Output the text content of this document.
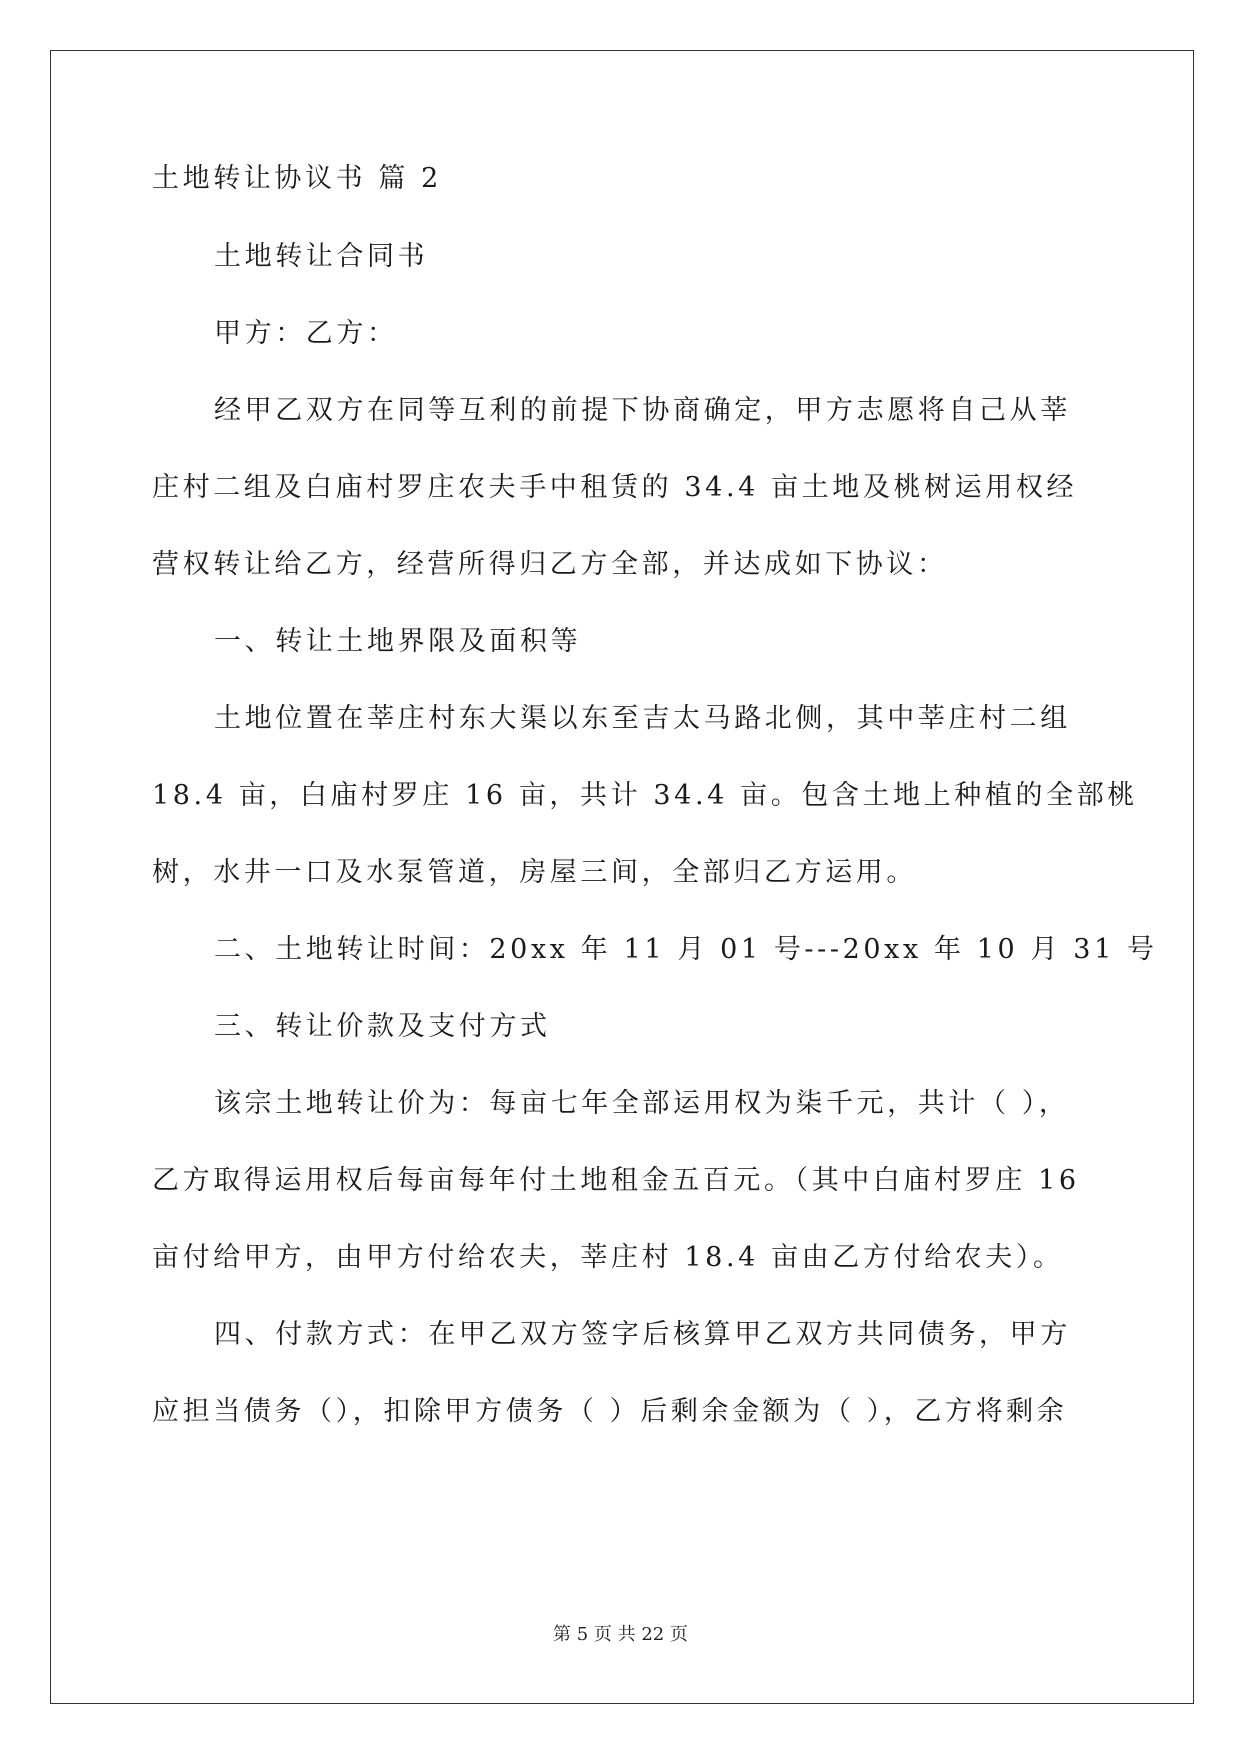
土地转让协议书 篇 2

土地转让合同书

甲方：乙方：

经甲乙双方在同等互利的前提下协商确定，甲方志愿将自己从莘

庄村二组及白庙村罗庄农夫手中租赁的 34.4 亩土地及桃树运用权经

营权转让给乙方，经营所得归乙方全部，并达成如下协议：

一、转让土地界限及面积等

土地位置在莘庄村东大渠以东至吉太马路北侧，其中莘庄村二组

18.4 亩，白庙村罗庄 16 亩，共计 34.4 亩。包含土地上种植的全部桃

树，水井一口及水泵管道，房屋三间，全部归乙方运用。

二、土地转让时间：20xx 年 11 月 01 号---20xx 年 10 月 31 号

三、转让价款及支付方式

该宗土地转让价为：每亩七年全部运用权为柒千元，共计（ ），

乙方取得运用权后每亩每年付土地租金五百元。（其中白庙村罗庄 16

亩付给甲方，由甲方付给农夫，莘庄村 18.4 亩由乙方付给农夫）。

四、付款方式：在甲乙双方签字后核算甲乙双方共同债务，甲方

应担当债务（），扣除甲方债务（ ）后剩余金额为（ ），乙方将剩余

第 5 页 共 22 页
